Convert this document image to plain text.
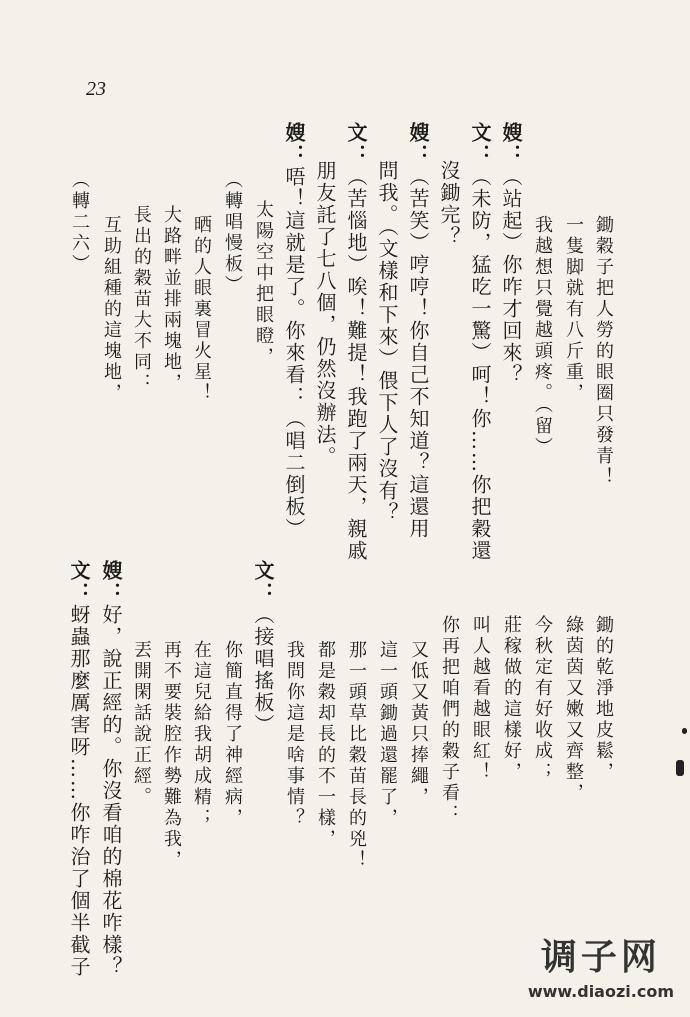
23
鋤穀子把人勞的眼圈只發青！
一隻脚就有八斤重，
我越想只覺越頭疼。（留）
嫂：（站起）你咋才回來？
文：（未防，猛吃一驚）呵！你……你把穀還
沒鋤完？
嫂：（苦笑）哼哼！你自己不知道？這還用
問我。（文樣和下來）偎下人了沒有？
文：（苦惱地）唉！難提！我跑了兩天，親戚
朋友託了七八個，仍然沒辦法。
嫂：唔！這就是了。你來看：（唱二倒板）
太陽空中把眼瞪，
（轉唱慢板）
晒的人眼裏冒火星！
大路畔並排兩塊地，
長出的穀苗大不同：
互助組種的這塊地，
（轉二六）
鋤的乾淨地皮鬆，
綠茵茵又嫩又齊整，
今秋定有好收成；
莊稼做的這樣好，
叫人越看越眼紅！
你再把咱們的穀子看：
又低又黃只捧繩，
這一頭鋤過還罷了，
那一頭草比穀苗長的兇！
都是穀却長的不一樣，
我問你這是啥事情？
文：（接唱搖板）
你簡直得了神經病，
在這兒給我胡成精；
再不要裝腔作勢難為我，
丟開閑話說正經。
嫂：好，說正經的。你沒看咱的棉花咋樣？
文：蚜蟲那麼厲害呀……你咋治了個半截子	调子网
www.diaozi.com
